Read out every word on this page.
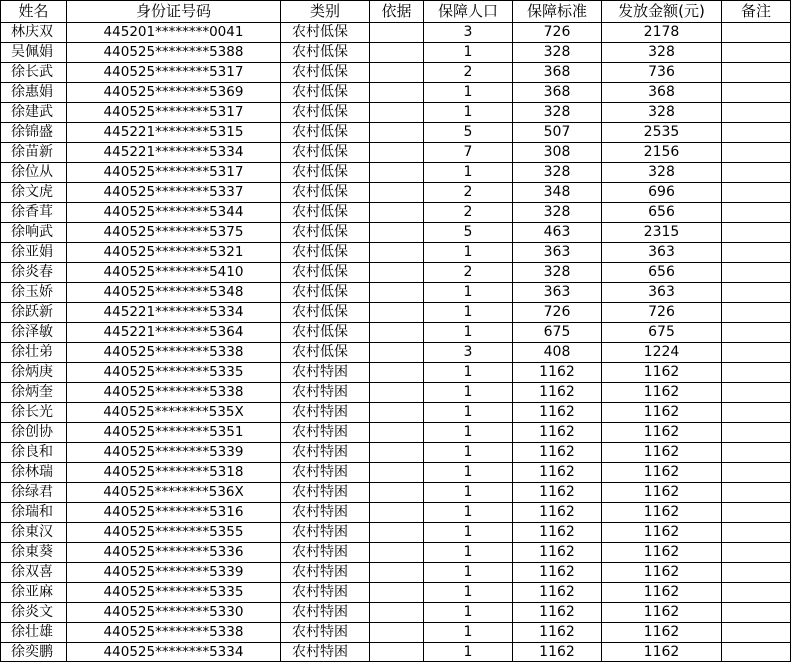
姓名	身份证号码	类别	依据	保障人口	保障标准	发放金额(元)	备注
林庆双	445201********0041	农村低保		3	726	2178	
吴佩娟	440525********5388	农村低保		1	328	328	
徐长武	440525********5317	农村低保		2	368	736	
徐惠娟	440525********5369	农村低保		1	368	368	
徐建武	440525********5317	农村低保		1	328	328	
徐锦盛	445221********5315	农村低保		5	507	2535	
徐苗新	445221********5334	农村低保		7	308	2156	
徐位从	440525********5317	农村低保		1	328	328	
徐文虎	440525********5337	农村低保		2	348	696	
徐香茸	440525********5344	农村低保		2	328	656	
徐响武	440525********5375	农村低保		5	463	2315	
徐亚娟	440525********5321	农村低保		1	363	363	
徐炎春	440525********5410	农村低保		2	328	656	
徐玉娇	440525********5348	农村低保		1	363	363	
徐跃新	445221********5334	农村低保		1	726	726	
徐泽敏	445221********5364	农村低保		1	675	675	
徐壮弟	440525********5338	农村低保		3	408	1224	
徐炳庚	440525********5335	农村特困		1	1162	1162	
徐炳奎	440525********5338	农村特困		1	1162	1162	
徐长光	440525********535X	农村特困		1	1162	1162	
徐创协	440525********5351	农村特困		1	1162	1162	
徐良和	440525********5339	农村特困		1	1162	1162	
徐林瑞	440525********5318	农村特困		1	1162	1162	
徐绿君	440525********536X	农村特困		1	1162	1162	
徐瑞和	440525********5316	农村特困		1	1162	1162	
徐東汉	440525********5355	农村特困		1	1162	1162	
徐東葵	440525********5336	农村特困		1	1162	1162	
徐双喜	440525********5339	农村特困		1	1162	1162	
徐亚麻	440525********5335	农村特困		1	1162	1162	
徐炎文	440525********5330	农村特困		1	1162	1162	
徐壮雄	440525********5338	农村特困		1	1162	1162	
徐奕鹏	440525********5334	农村特困		1	1162	1162	
